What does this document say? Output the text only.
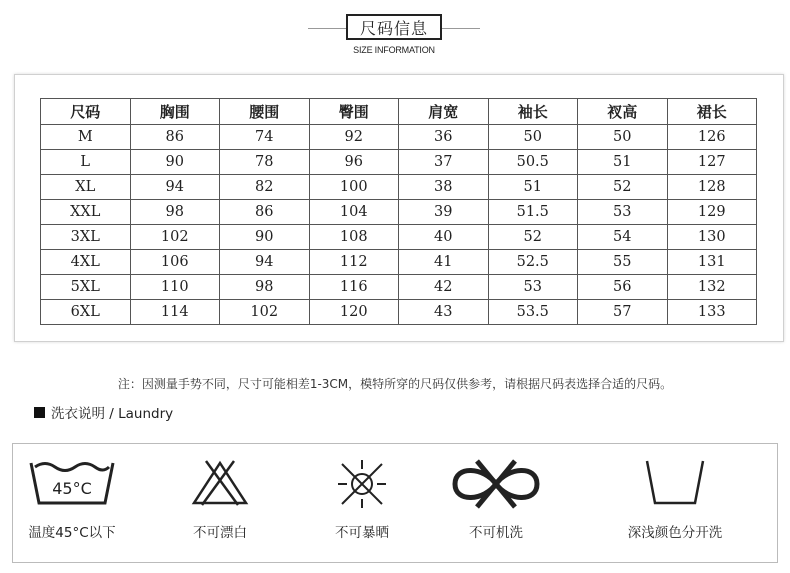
尺码信息
SIZE INFORMATION
尺码	胸围	腰围	臀围	肩宽	袖长	衩高	裙长
M	86	74	92	36	50	50	126
L	90	78	96	37	50.5	51	127
XL	94	82	100	38	51	52	128
XXL	98	86	104	39	51.5	53	129
3XL	102	90	108	40	52	54	130
4XL	106	94	112	41	52.5	55	131
5XL	110	98	116	42	53	56	132
6XL	114	102	120	43	53.5	57	133
注：因测量手势不同，尺寸可能相差1-3CM，模特所穿的尺码仅供参考，请根据尺码表选择合适的尺码。
洗衣说明 / Laundry
45°C
温度45°C以下	不可漂白	不可暴晒	不可机洗	深浅颜色分开洗
